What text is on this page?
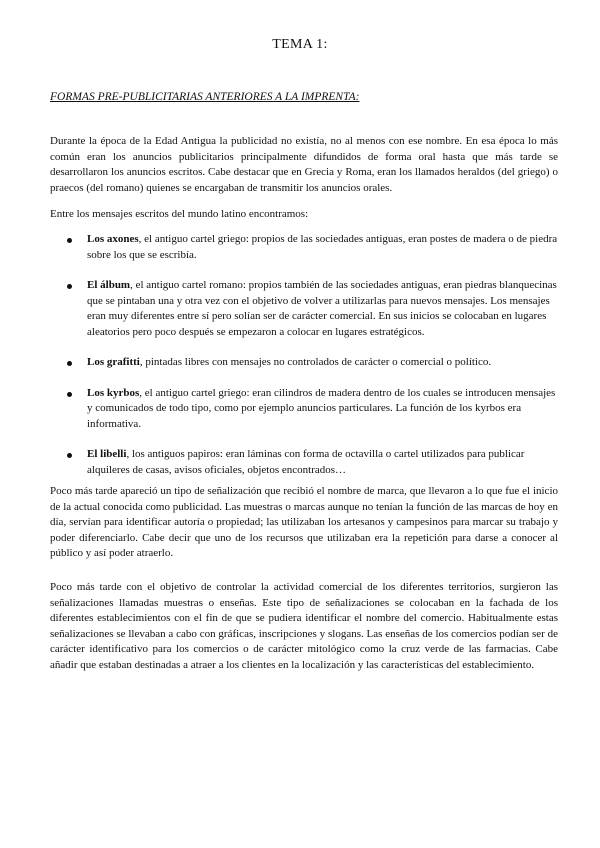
TEMA 1:
FORMAS PRE-PUBLICITARIAS ANTERIORES A LA IMPRENTA:

Durante la época de la Edad Antigua la publicidad no existía, no al menos con ese nombre. En esa época lo más común eran los anuncios publicitarios principalmente difundidos de forma oral hasta que más tarde se desarrollaron los anuncios escritos. Cabe destacar que en Grecia y Roma, eran los llamados heraldos (del griego) o praecos (del romano) quienes se encargaban de transmitir los anuncios orales.

Entre los mensajes escritos del mundo latino encontramos:

Los axones, el antiguo cartel griego: propios de las sociedades antiguas, eran postes de madera o de piedra sobre los que se escribía.
El álbum, el antiguo cartel romano: propios también de las sociedades antiguas, eran piedras blanquecinas que se pintaban una y otra vez con el objetivo de volver a utilizarlas para nuevos mensajes. Los mensajes eran muy diferentes entre sí pero solían ser de carácter comercial. En sus inicios se colocaban en lugares aleatorios pero poco después se empezaron a colocar en lugares estratégicos.
Los grafitti, pintadas libres con mensajes no controlados de carácter o comercial o político.
Los kyrbos, el antiguo cartel griego: eran cilindros de madera dentro de los cuales se introducen mensajes y comunicados de todo tipo, como por ejemplo anuncios particulares. La función de los kyrbos era informativa.
El libelli, los antiguos papiros: eran láminas con forma de octavilla o cartel utilizados para publicar alquileres de casas, avisos oficiales, objetos encontrados…

Poco más tarde apareció un tipo de señalización que recibió el nombre de marca, que llevaron a lo que fue el inicio de la actual conocida como publicidad. Las muestras o marcas aunque no tenían la función de las marcas de hoy en día, servían para identificar autoría o propiedad; las utilizaban los artesanos y campesinos para marcar su trabajo y poder diferenciarlo. Cabe decir que uno de los recursos que utilizaban era la repetición para darse a conocer al público y así poder atraerlo.

Poco más tarde con el objetivo de controlar la actividad comercial de los diferentes territorios, surgieron las señalizaciones llamadas muestras o enseñas. Este tipo de señalizaciones se colocaban en la fachada de los diferentes establecimientos con el fin de que se pudiera identificar el nombre del comercio. Habitualmente estas señalizaciones se llevaban a cabo con gráficas, inscripciones y slogans. Las enseñas de los comercios podían ser de carácter identificativo para los comercios o de carácter mitológico como la cruz verde de las farmacias. Cabe añadir que estaban destinadas a atraer a los clientes en la localización y las características del establecimiento.
